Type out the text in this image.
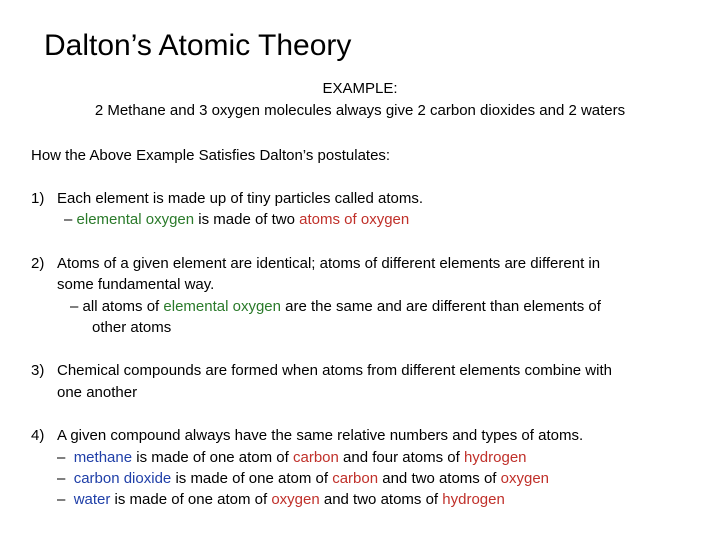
Dalton’s Atomic Theory
EXAMPLE:
2 Methane and 3 oxygen molecules always give 2 carbon dioxides and 2 waters
How the Above Example Satisfies Dalton’s postulates:
1) Each element is made up of tiny particles called atoms.
– elemental oxygen is made of two atoms of oxygen
2) Atoms of a given element are identical; atoms of different elements are different in
some fundamental way.
– all atoms of elemental oxygen are the same and are different than elements of
other atoms
3) Chemical compounds are formed when atoms from different elements combine with
one another
4) A given compound always have the same relative numbers and types of atoms.
– methane is made of one atom of carbon and four atoms of hydrogen
– carbon dioxide is made of one atom of carbon and two atoms of oxygen
– water is made of one atom of oxygen and two atoms of hydrogen
